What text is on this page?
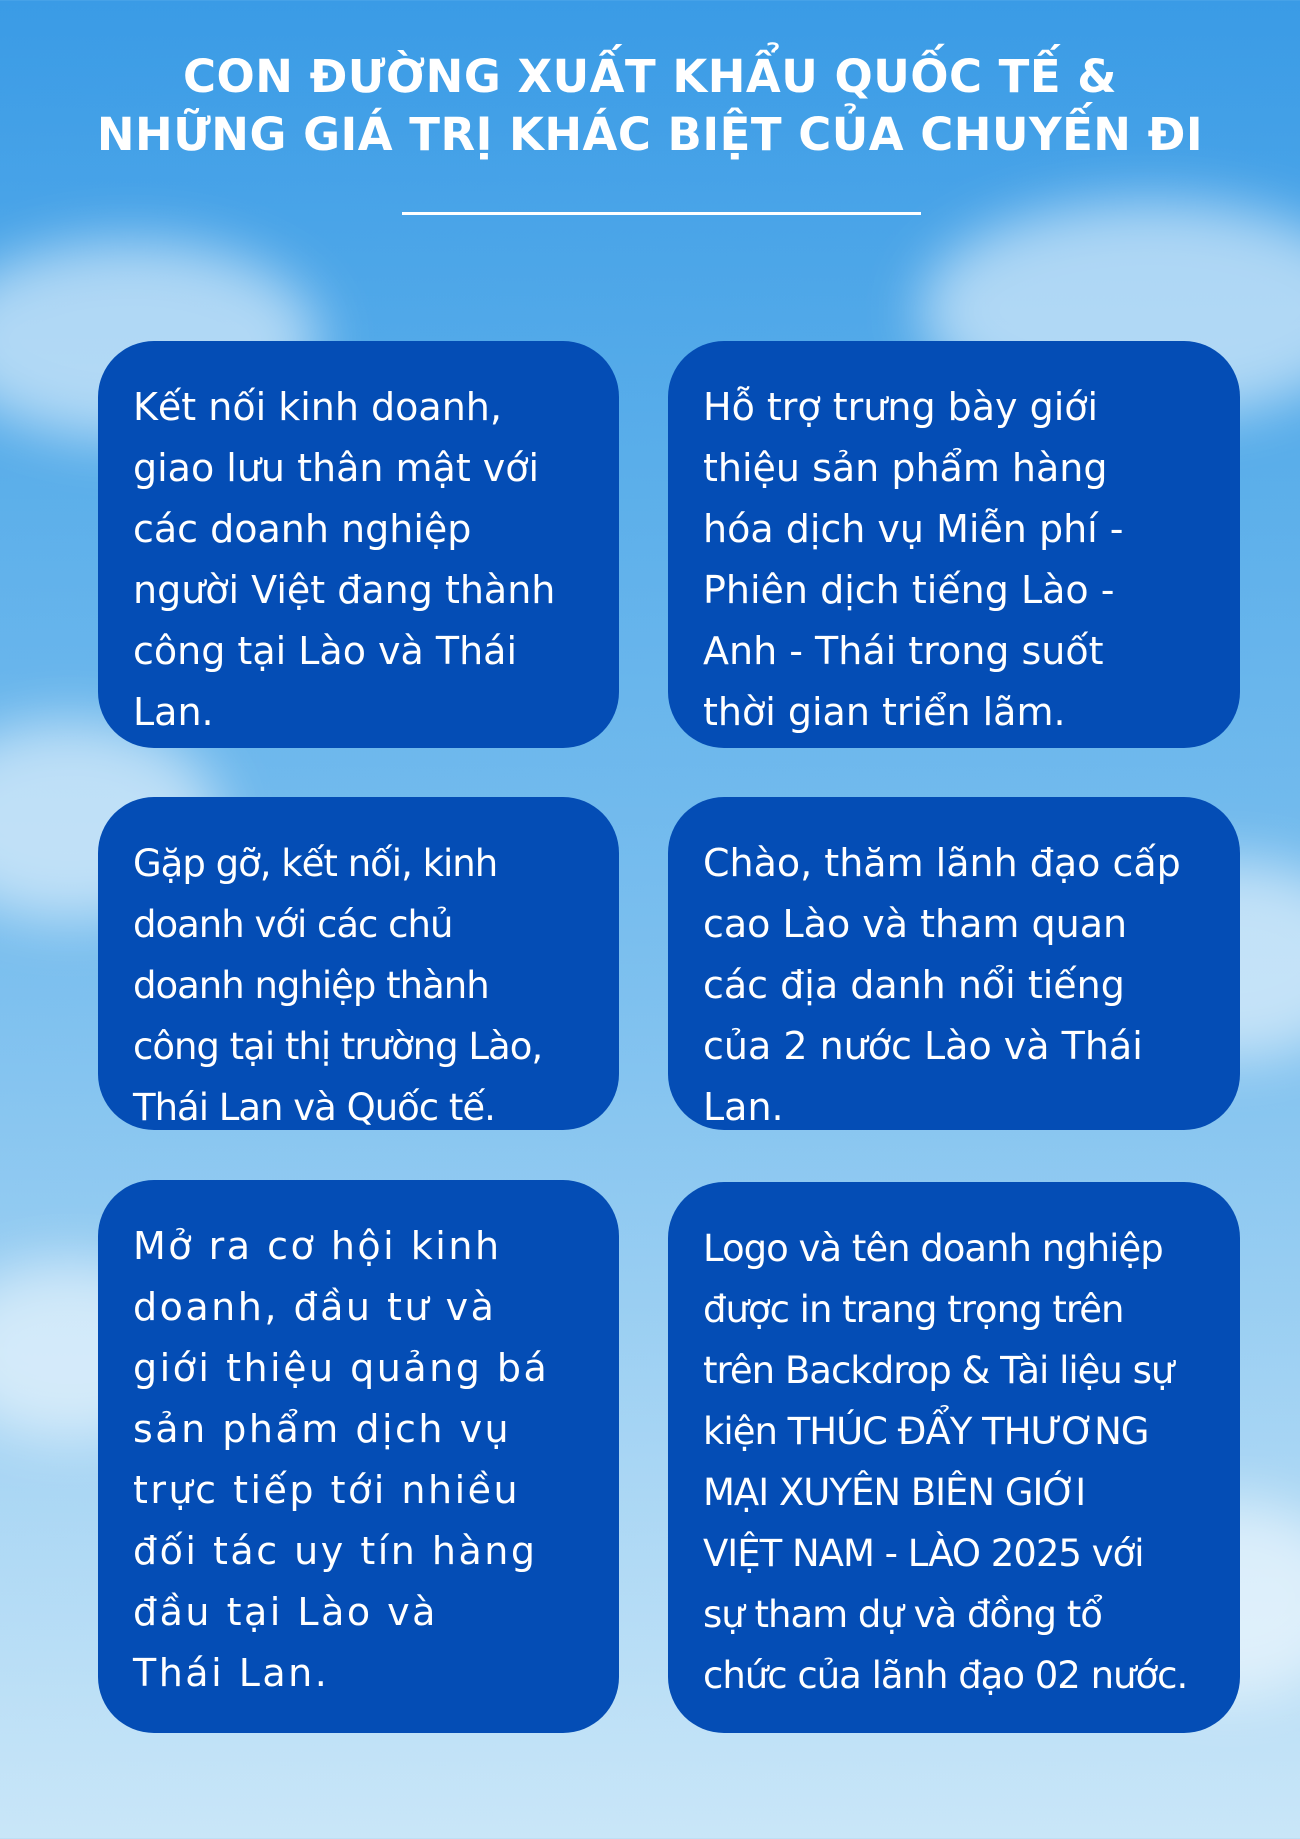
CON ĐƯỜNG XUẤT KHẨU QUỐC TẾ &
NHỮNG GIÁ TRỊ KHÁC BIỆT CỦA CHUYẾN ĐI

Kết nối kinh doanh,
giao lưu thân mật với
các doanh nghiệp
người Việt đang thành
công tại Lào và Thái
Lan.

Hỗ trợ trưng bày giới
thiệu sản phẩm hàng
hóa dịch vụ Miễn phí -
Phiên dịch tiếng Lào -
Anh - Thái trong suốt
thời gian triển lãm.

Gặp gỡ, kết nối, kinh
doanh với các chủ
doanh nghiệp thành
công tại thị trường Lào,
Thái Lan và Quốc tế.

Chào, thăm lãnh đạo cấp
cao Lào và tham quan
các địa danh nổi tiếng
của 2 nước Lào và Thái
Lan.

Mở ra cơ hội kinh
doanh, đầu tư và
giới thiệu quảng bá
sản phẩm dịch vụ
trực tiếp tới nhiều
đối tác uy tín hàng
đầu tại Lào và
Thái Lan.

Logo và tên doanh nghiệp
được in trang trọng trên
trên Backdrop & Tài liệu sự
kiện THÚC ĐẨY THƯƠNG
MẠI XUYÊN BIÊN GIỚI
VIỆT NAM - LÀO 2025 với
sự tham dự và đồng tổ
chức của lãnh đạo 02 nước.
